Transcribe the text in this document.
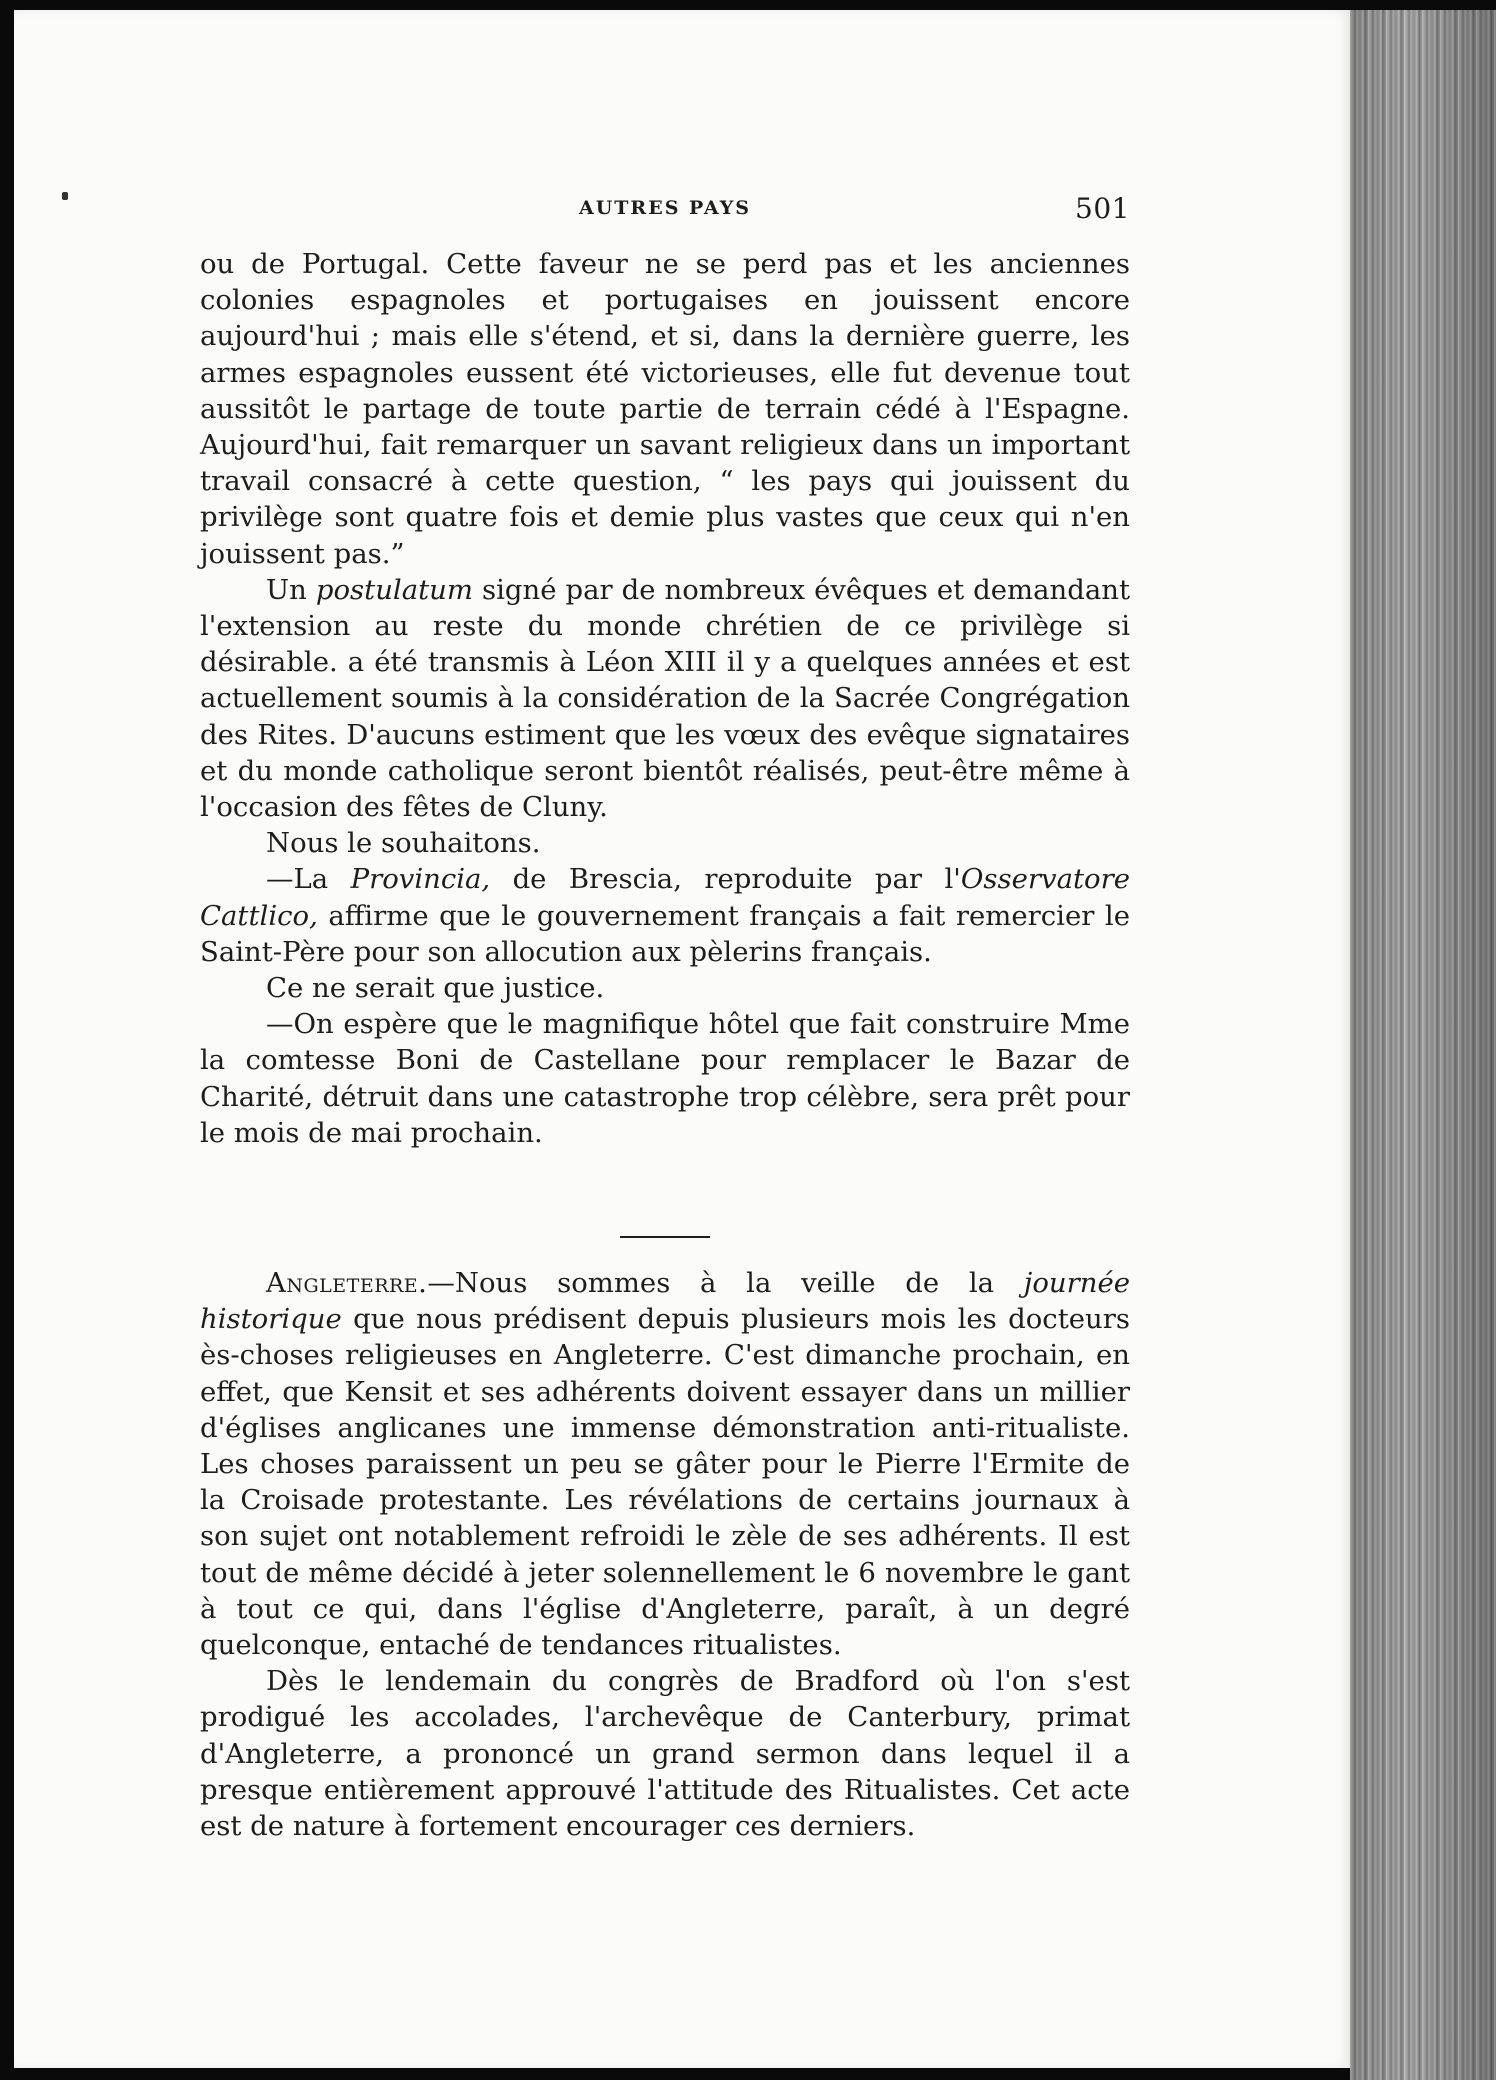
AUTRES PAYS	501

ou de Portugal. Cette faveur ne se perd pas et les anciennes colonies espagnoles et portugaises en jouissent encore aujourd'hui ; mais elle s'étend, et si, dans la dernière guerre, les armes espagnoles eussent été victorieuses, elle fut devenue tout aussitôt le partage de toute partie de terrain cédé à l'Espagne. Aujourd'hui, fait remarquer un savant religieux dans un important travail consacré à cette question, “ les pays qui jouissent du privilège sont quatre fois et demie plus vastes que ceux qui n'en jouissent pas.”

Un postulatum signé par de nombreux évêques et demandant l'extension au reste du monde chrétien de ce privilège si désirable. a été transmis à Léon XIII il y a quelques années et est actuellement soumis à la considération de la Sacrée Congrégation des Rites. D'aucuns estiment que les vœux des evêque signataires et du monde catholique seront bientôt réalisés, peut-être même à l'occasion des fêtes de Cluny.

Nous le souhaitons.

—La Provincia, de Brescia, reproduite par l'Osservatore Cattlico, affirme que le gouvernement français a fait remercier le Saint-Père pour son allocution aux pèlerins français.

Ce ne serait que justice.

—On espère que le magnifique hôtel que fait construire Mme la comtesse Boni de Castellane pour remplacer le Bazar de Charité, détruit dans une catastrophe trop célèbre, sera prêt pour le mois de mai prochain.

Angleterre.—Nous sommes à la veille de la journée historique que nous prédisent depuis plusieurs mois les docteurs ès-choses religieuses en Angleterre. C'est dimanche prochain, en effet, que Kensit et ses adhérents doivent essayer dans un millier d'églises anglicanes une immense démonstration anti-ritualiste. Les choses paraissent un peu se gâter pour le Pierre l'Ermite de la Croisade protestante. Les révélations de certains journaux à son sujet ont notablement refroidi le zèle de ses adhérents. Il est tout de même décidé à jeter solennellement le 6 novembre le gant à tout ce qui, dans l'église d'Angleterre, paraît, à un degré quelconque, entaché de tendances ritualistes.

Dès le lendemain du congrès de Bradford où l'on s'est prodigué les accolades, l'archevêque de Canterbury, primat d'Angleterre, a prononcé un grand sermon dans lequel il a presque entièrement approuvé l'attitude des Ritualistes. Cet acte est de nature à fortement encourager ces derniers.
